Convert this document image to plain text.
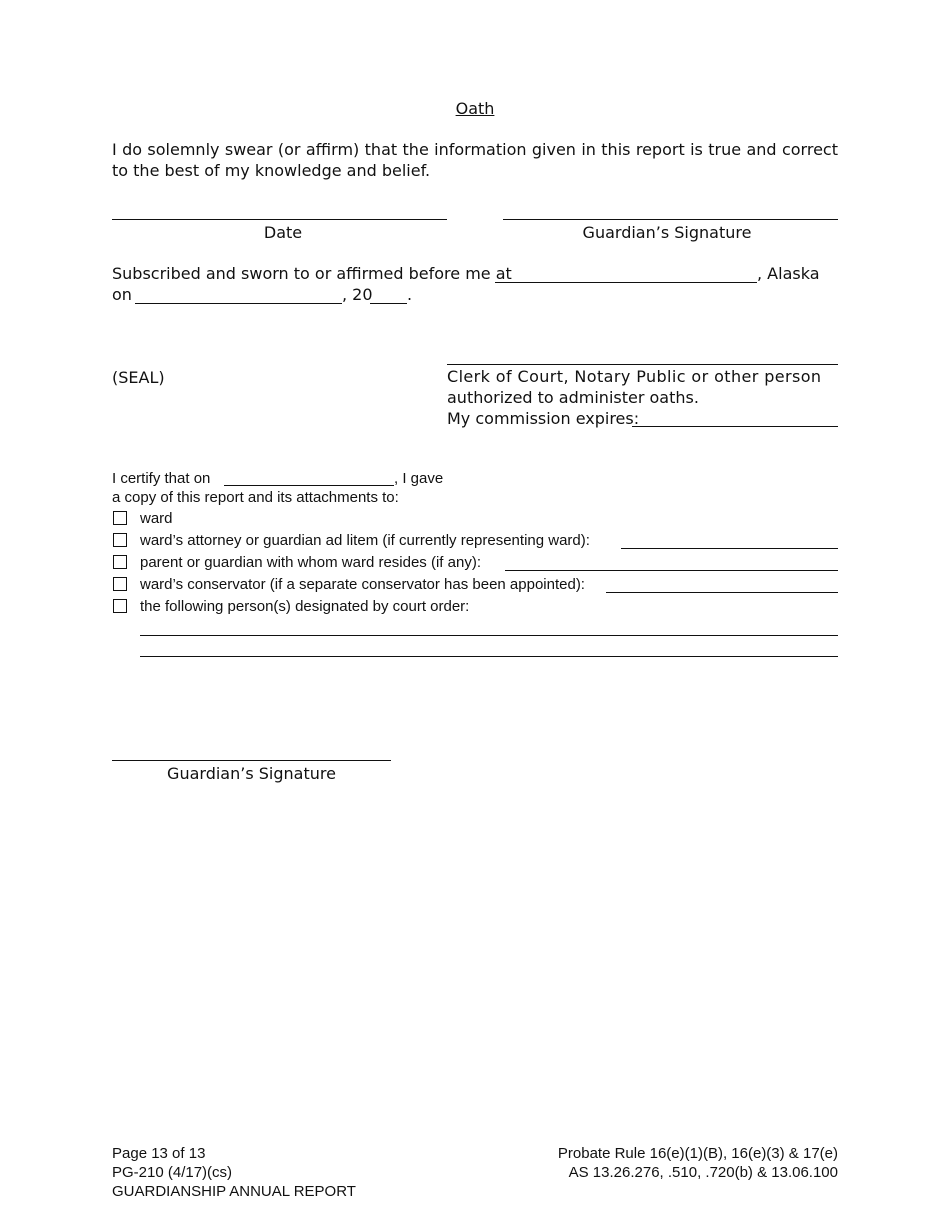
Oath
I do solemnly swear (or affirm) that the information given in this report is true and correct to the best of my knowledge and belief.
Date	Guardian’s Signature
Subscribed and sworn to or affirmed before me at	, Alaska
on	, 20 .
(SEAL)	Clerk of Court, Notary Public or other person
authorized to administer oaths.
My commission expires:
I certify that on	, I gave
a copy of this report and its attachments to:
ward
ward’s attorney or guardian ad litem (if currently representing ward):
parent or guardian with whom ward resides (if any):
ward’s conservator (if a separate conservator has been appointed):
the following person(s) designated by court order:
Guardian’s Signature
Page 13 of 13
PG-210 (4/17)(cs)
GUARDIANSHIP ANNUAL REPORT
Probate Rule 16(e)(1)(B), 16(e)(3) & 17(e)
AS 13.26.276, .510, .720(b) & 13.06.100
